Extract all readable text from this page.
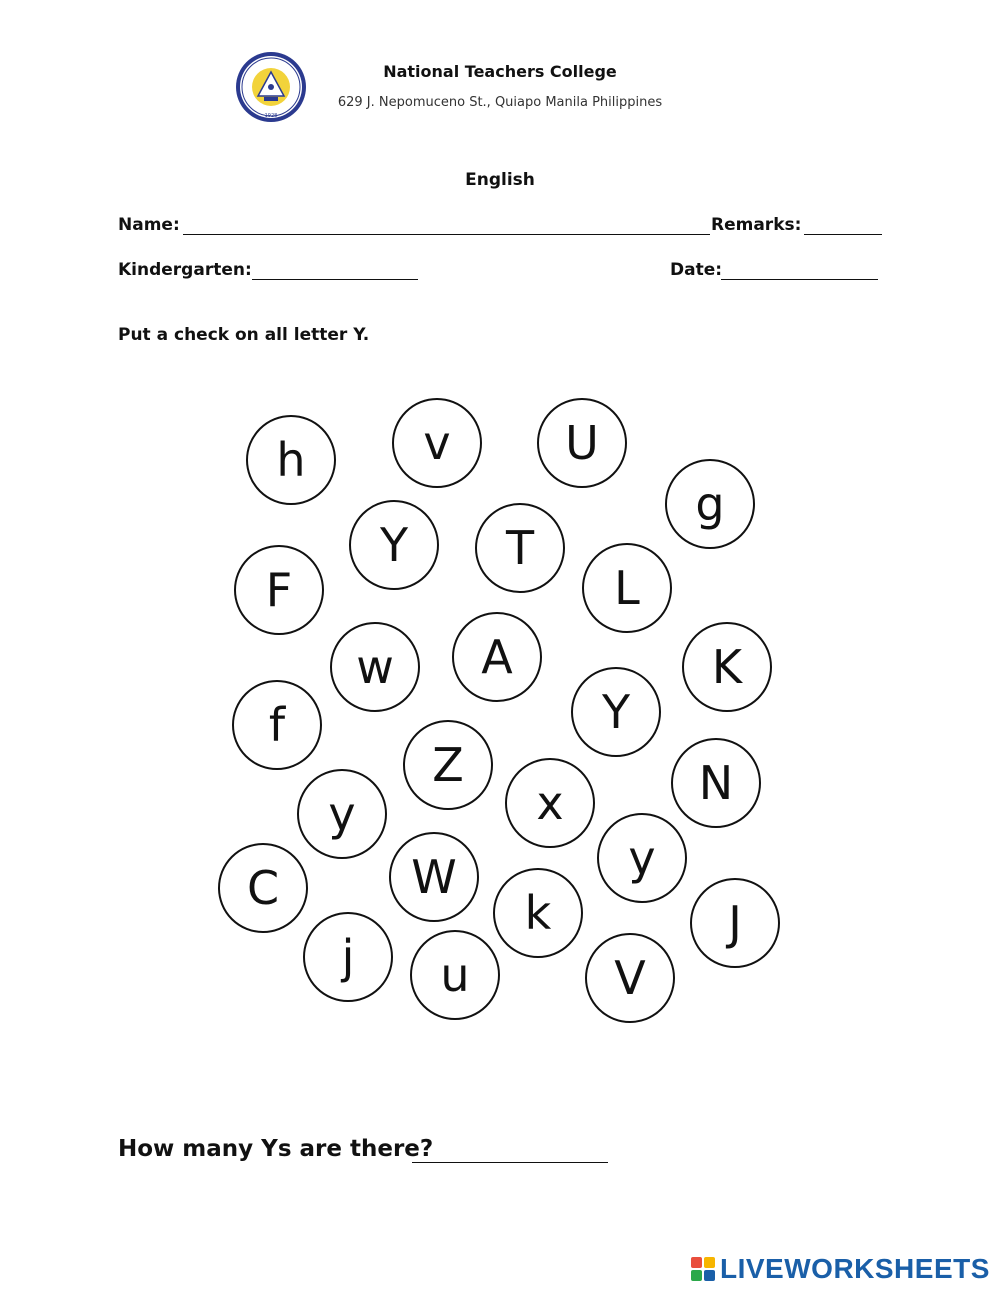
1928
National Teachers College
629 J. Nepomuceno St., Quiapo Manila Philippines
English
Name:	Remarks:
Kindergarten:	Date:
Put a check on all letter Y.
h	v	U
g
Y	T
F	L
w	A	K
f	Y
Z	N
y	x
y
C	W
k	J
j	u	V
How many Ys are there?
LIVEWORKSHEETS
